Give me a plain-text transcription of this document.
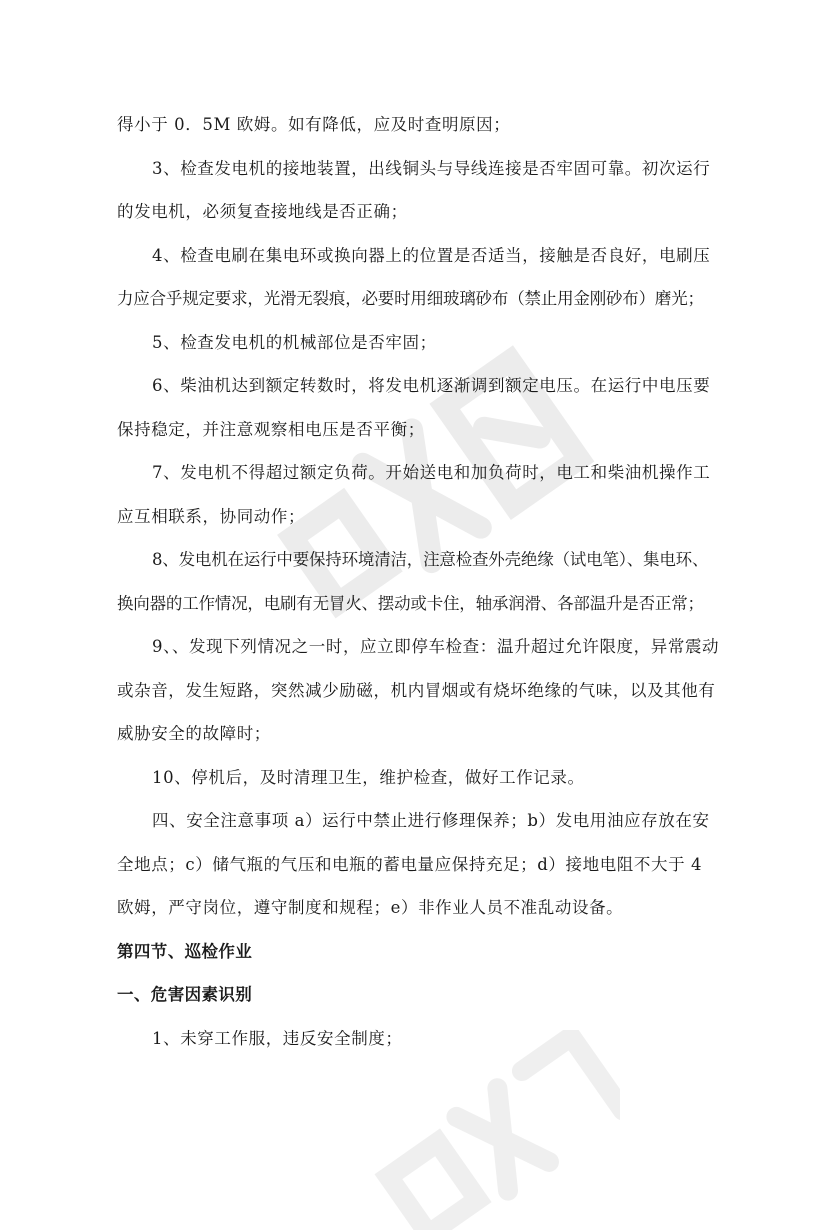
得小于 0．5M 欧姆。如有降低，应及时查明原因；
3、检查发电机的接地装置，出线铜头与导线连接是否牢固可靠。初次运行
的发电机，必须复查接地线是否正确；
4、检查电刷在集电环或换向器上的位置是否适当，接触是否良好，电刷压
力应合乎规定要求，光滑无裂痕，必要时用细玻璃砂布（禁止用金刚砂布）磨光；
5、检查发电机的机械部位是否牢固；
6、柴油机达到额定转数时，将发电机逐渐调到额定电压。在运行中电压要
保持稳定，并注意观察相电压是否平衡；
7、发电机不得超过额定负荷。开始送电和加负荷时，电工和柴油机操作工
应互相联系，协同动作；
8、发电机在运行中要保持环境清洁，注意检查外壳绝缘（试电笔）、集电环、
换向器的工作情况，电刷有无冒火、摆动或卡住，轴承润滑、各部温升是否正常；
9、、发现下列情况之一时，应立即停车检查：温升超过允许限度，异常震动
或杂音，发生短路，突然减少励磁，机内冒烟或有烧坏绝缘的气味，以及其他有
威胁安全的故障时；
10、停机后，及时清理卫生，维护检查，做好工作记录。
四、安全注意事项 a）运行中禁止进行修理保养；b）发电用油应存放在安
全地点；c）储气瓶的气压和电瓶的蓄电量应保持充足；d）接地电阻不大于 4
欧姆，严守岗位，遵守制度和规程；e）非作业人员不准乱动设备。
第四节、巡检作业
一、危害因素识别
1、未穿工作服，违反安全制度；
